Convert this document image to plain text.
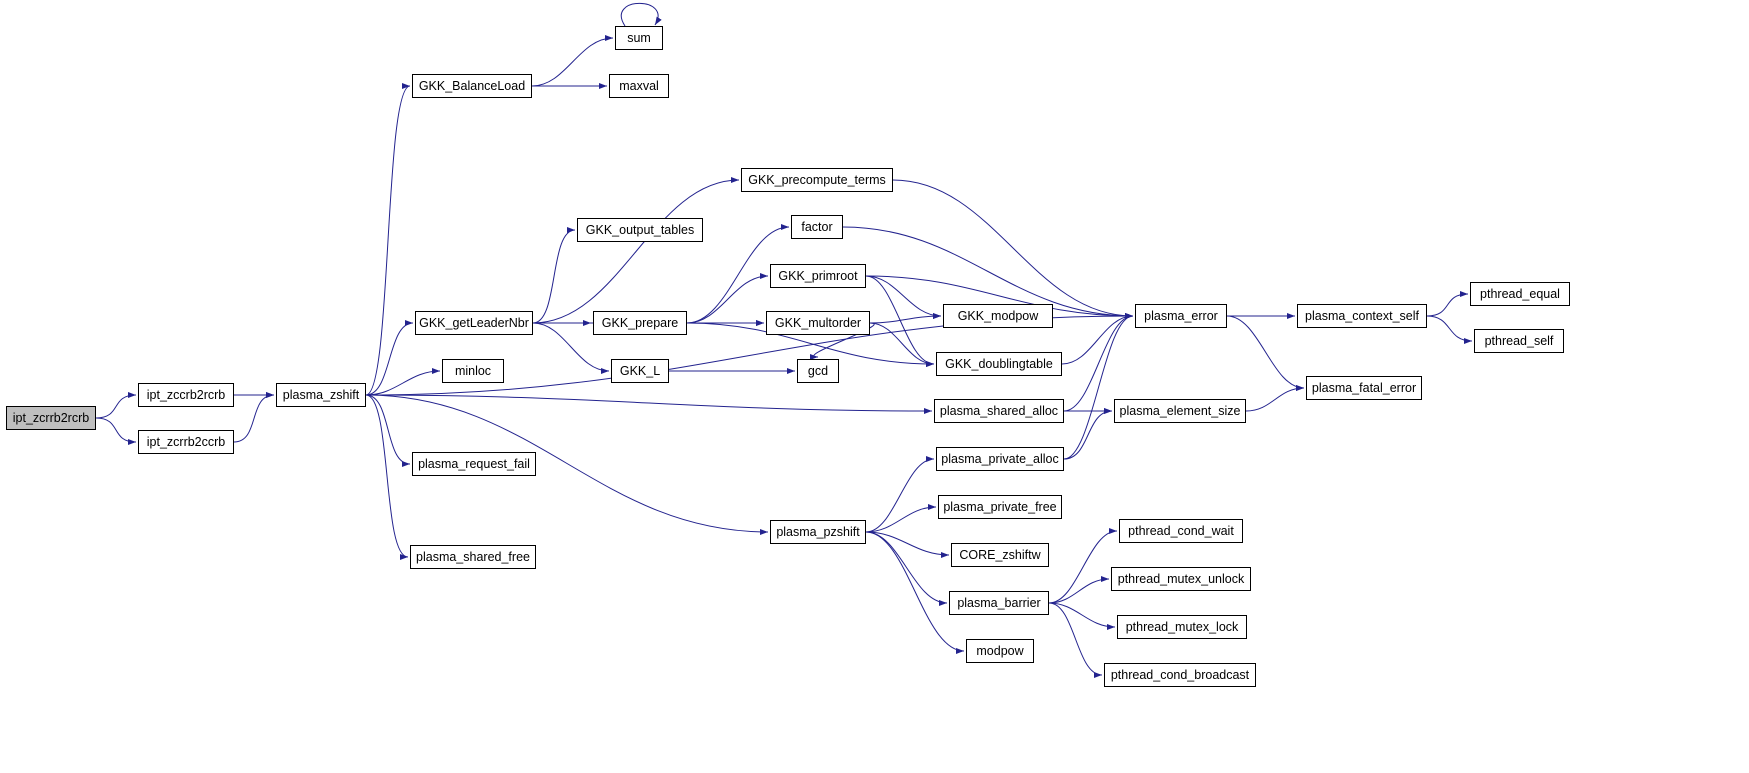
ipt_zcrrb2rcrb
ipt_zccrb2rcrb
ipt_zcrrb2ccrb
plasma_zshift
GKK_BalanceLoad
sum
maxval
GKK_getLeaderNbr
minloc
plasma_request_fail
plasma_shared_free
GKK_output_tables
GKK_prepare
GKK_L
GKK_precompute_terms
factor
GKK_primroot
GKK_multorder
gcd
GKK_modpow
GKK_doublingtable
plasma_error	plasma_context_self
pthread_equal
pthread_self
plasma_fatal_error
plasma_shared_alloc	plasma_element_size
plasma_private_alloc
plasma_private_free
CORE_zshiftw
plasma_pzshift
plasma_barrier
modpow
pthread_cond_wait
pthread_mutex_unlock
pthread_mutex_lock
pthread_cond_broadcast
